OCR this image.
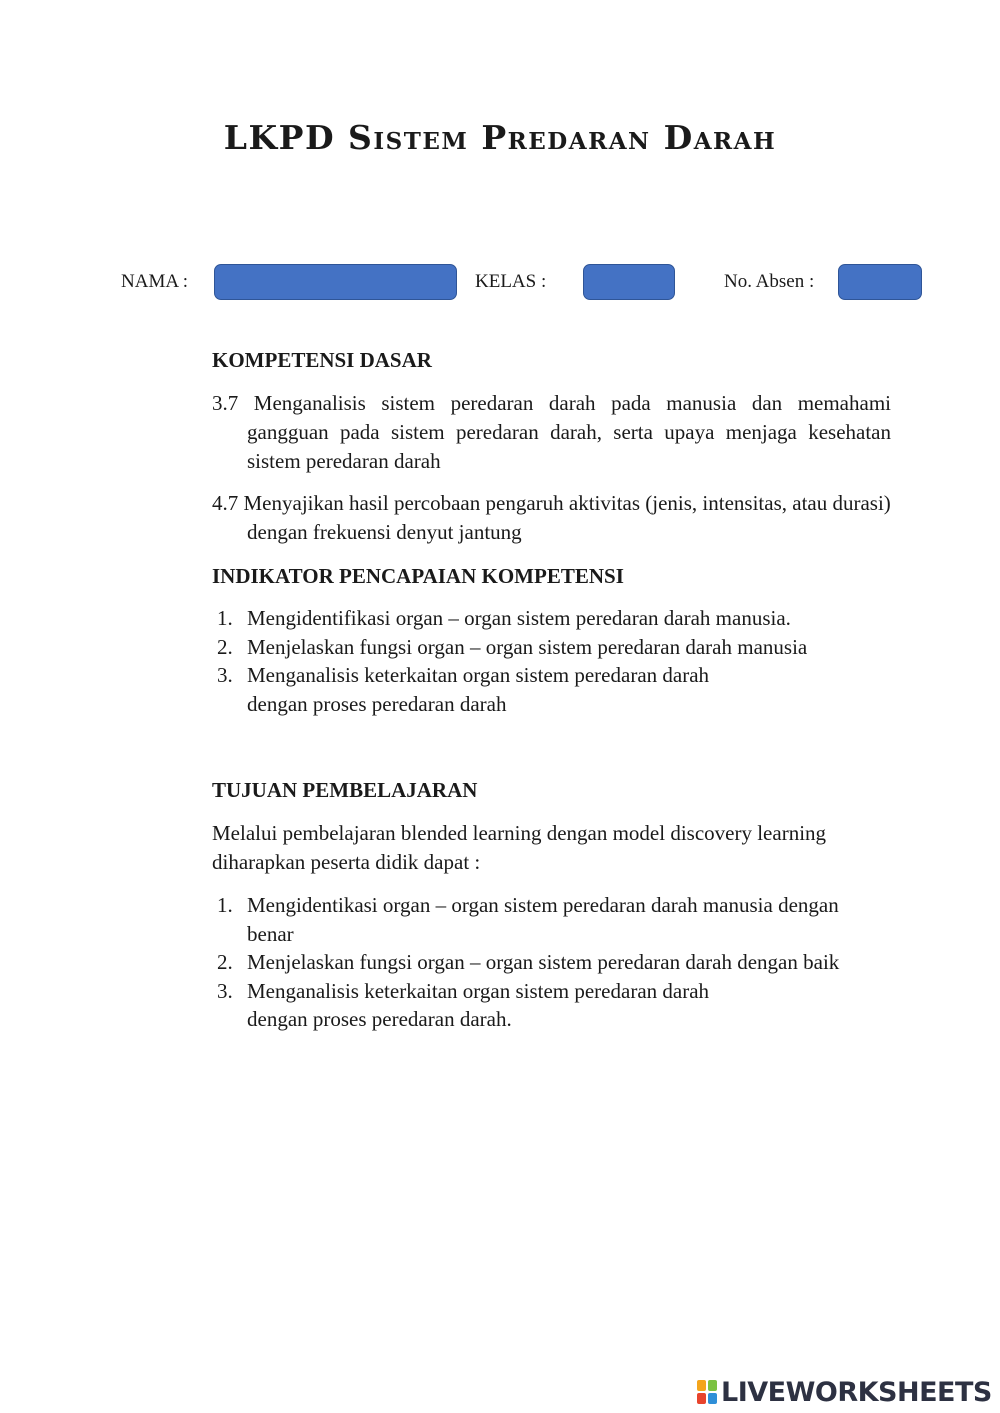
LKPD Sistem Predaran Darah
NAMA :	KELAS :	No. Absen :
KOMPETENSI DASAR
3.7 Menganalisis sistem peredaran darah pada manusia dan memahami gangguan pada sistem peredaran darah, serta upaya menjaga kesehatan sistem peredaran darah
4.7 Menyajikan hasil percobaan pengaruh aktivitas (jenis, intensitas, atau durasi) dengan frekuensi denyut jantung
INDIKATOR PENCAPAIAN KOMPETENSI
1. Mengidentifikasi organ – organ sistem peredaran darah manusia.
2. Menjelaskan fungsi organ – organ sistem peredaran darah manusia
3. Menganalisis keterkaitan organ sistem peredaran darah
dengan proses peredaran darah
TUJUAN PEMBELAJARAN
Melalui pembelajaran blended learning dengan model discovery learning diharapkan peserta didik dapat :
1. Mengidentikasi organ – organ sistem peredaran darah manusia dengan benar
2. Menjelaskan fungsi organ – organ sistem peredaran darah dengan baik
3. Menganalisis keterkaitan organ sistem peredaran darah
dengan proses peredaran darah.
LIVEWORKSHEETS
